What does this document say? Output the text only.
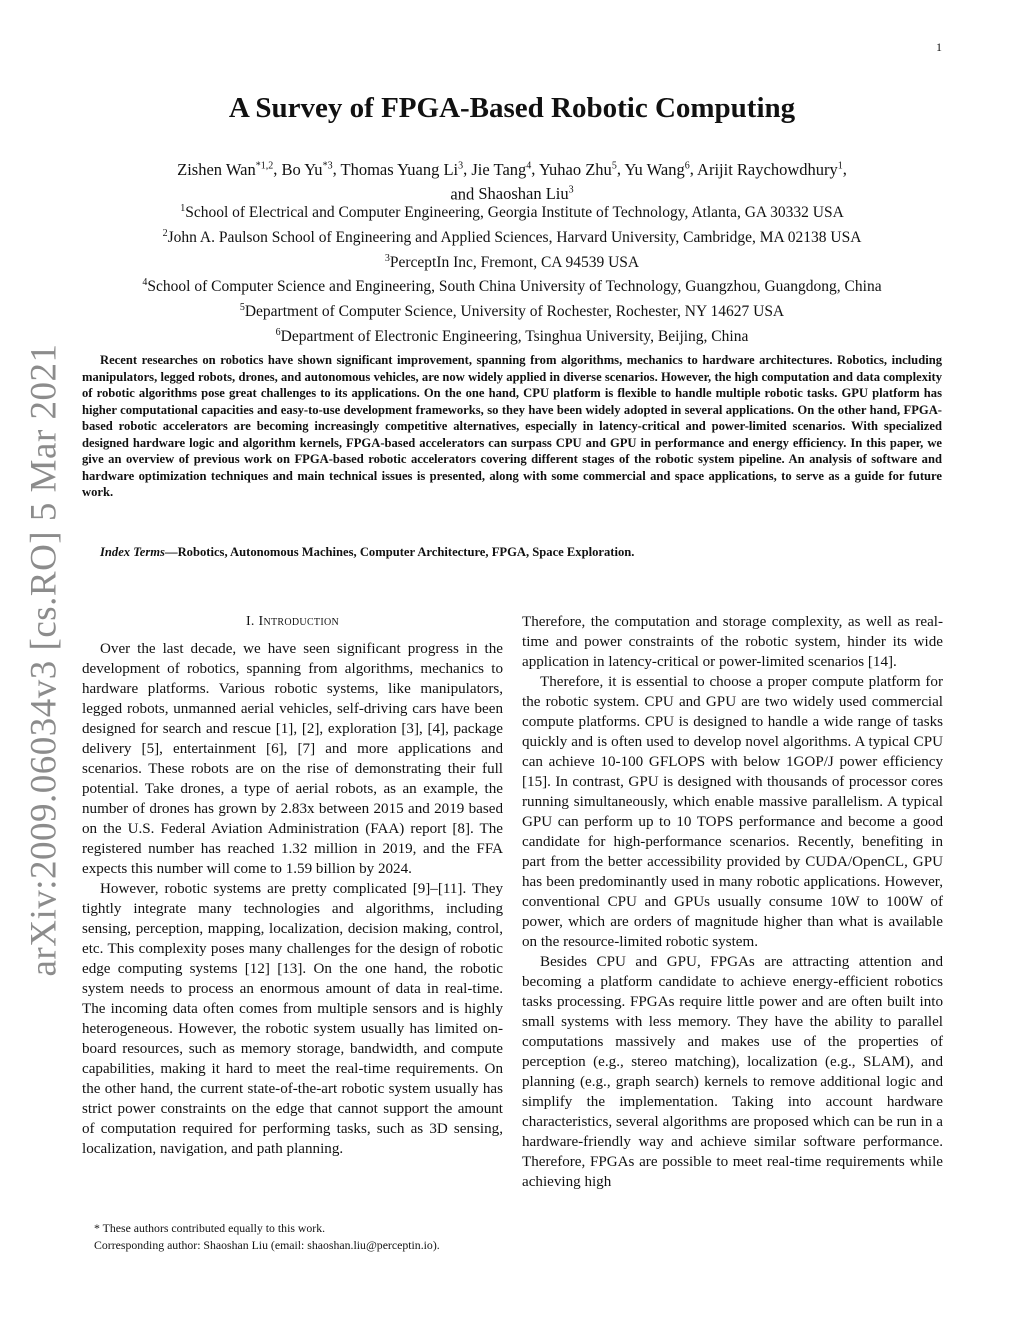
1
arXiv:2009.06034v3 [cs.RO] 5 Mar 2021
A Survey of FPGA-Based Robotic Computing
Zishen Wan$^{*1,2}$, Bo Yu$^{*3}$, Thomas Yuang Li$^3$, Jie Tang$^4$, Yuhao Zhu$^5$, Yu Wang$^6$, Arijit Raychowdhury$^1$,
and Shaoshan Liu$^3$
$^1$School of Electrical and Computer Engineering, Georgia Institute of Technology, Atlanta, GA 30332 USA
$^2$John A. Paulson School of Engineering and Applied Sciences, Harvard University, Cambridge, MA 02138 USA
$^3$PerceptIn Inc, Fremont, CA 94539 USA
$^4$School of Computer Science and Engineering, South China University of Technology, Guangzhou, Guangdong, China
$^5$Department of Computer Science, University of Rochester, Rochester, NY 14627 USA
$^6$Department of Electronic Engineering, Tsinghua University, Beijing, China

Recent researches on robotics have shown significant improvement, spanning from algorithms, mechanics to hardware architectures. Robotics, including manipulators, legged robots, drones, and autonomous vehicles, are now widely applied in diverse scenarios. However, the high computation and data complexity of robotic algorithms pose great challenges to its applications. On the one hand, CPU platform is flexible to handle multiple robotic tasks. GPU platform has higher computational capacities and easy-to-use development frameworks, so they have been widely adopted in several applications. On the other hand, FPGA-based robotic accelerators are becoming increasingly competitive alternatives, especially in latency-critical and power-limited scenarios. With specialized designed hardware logic and algorithm kernels, FPGA-based accelerators can surpass CPU and GPU in performance and energy efficiency. In this paper, we give an overview of previous work on FPGA-based robotic accelerators covering different stages of the robotic system pipeline. An analysis of software and hardware optimization techniques and main technical issues is presented, along with some commercial and space applications, to serve as a guide for future work.

Index Terms—Robotics, Autonomous Machines, Computer Architecture, FPGA, Space Exploration.
I. Introduction

Over the last decade, we have seen significant progress in the development of robotics, spanning from algorithms, mechanics to hardware platforms. Various robotic systems, like manipulators, legged robots, unmanned aerial vehicles, self-driving cars have been designed for search and rescue [1], [2], exploration [3], [4], package delivery [5], entertainment [6], [7] and more applications and scenarios. These robots are on the rise of demonstrating their full potential. Take drones, a type of aerial robots, as an example, the number of drones has grown by 2.83x between 2015 and 2019 based on the U.S. Federal Aviation Administration (FAA) report [8]. The registered number has reached 1.32 million in 2019, and the FFA expects this number will come to 1.59 billion by 2024.

However, robotic systems are pretty complicated [9]–[11]. They tightly integrate many technologies and algorithms, including sensing, perception, mapping, localization, decision making, control, etc. This complexity poses many challenges for the design of robotic edge computing systems [12] [13]. On the one hand, the robotic system needs to process an enormous amount of data in real-time. The incoming data often comes from multiple sensors and is highly heterogeneous. However, the robotic system usually has limited on-board resources, such as memory storage, bandwidth, and compute capabilities, making it hard to meet the real-time requirements. On the other hand, the current state-of-the-art robotic system usually has strict power constraints on the edge that cannot support the amount of computation required for performing tasks, such as 3D sensing, localization, navigation, and path planning.

* These authors contributed equally to this work.
Corresponding author: Shaoshan Liu (email: shaoshan.liu@perceptin.io).

Therefore, the computation and storage complexity, as well as real-time and power constraints of the robotic system, hinder its wide application in latency-critical or power-limited scenarios [14].

Therefore, it is essential to choose a proper compute platform for the robotic system. CPU and GPU are two widely used commercial compute platforms. CPU is designed to handle a wide range of tasks quickly and is often used to develop novel algorithms. A typical CPU can achieve 10-100 GFLOPS with below 1GOP/J power efficiency [15]. In contrast, GPU is designed with thousands of processor cores running simultaneously, which enable massive parallelism. A typical GPU can perform up to 10 TOPS performance and become a good candidate for high-performance scenarios. Recently, benefiting in part from the better accessibility provided by CUDA/OpenCL, GPU has been predominantly used in many robotic applications. However, conventional CPU and GPUs usually consume 10W to 100W of power, which are orders of magnitude higher than what is available on the resource-limited robotic system.

Besides CPU and GPU, FPGAs are attracting attention and becoming a platform candidate to achieve energy-efficient robotics tasks processing. FPGAs require little power and are often built into small systems with less memory. They have the ability to parallel computations massively and makes use of the properties of perception (e.g., stereo matching), localization (e.g., SLAM), and planning (e.g., graph search) kernels to remove additional logic and simplify the implementation. Taking into account hardware characteristics, several algorithms are proposed which can be run in a hardware-friendly way and achieve similar software performance. Therefore, FPGAs are possible to meet real-time requirements while achieving high
